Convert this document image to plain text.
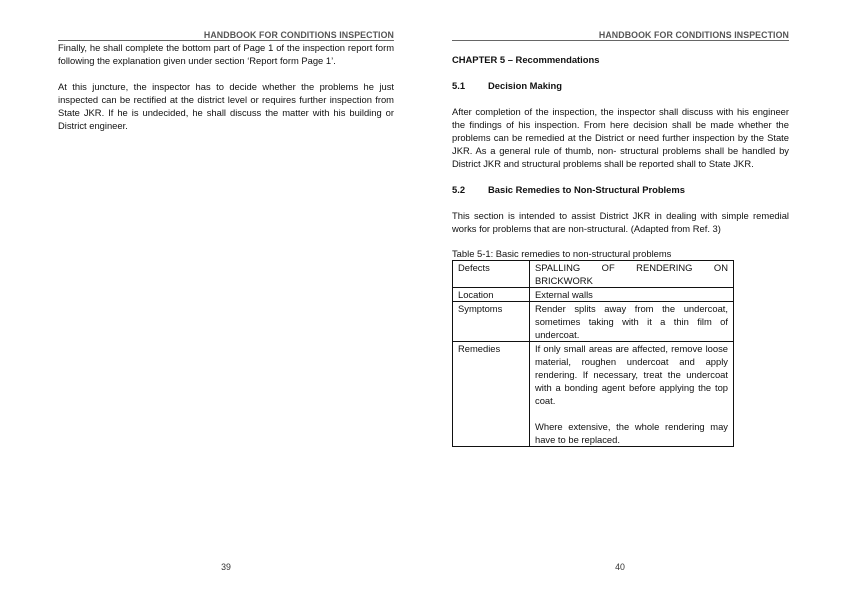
HANDBOOK FOR CONDITIONS INSPECTION

Finally, he shall complete the bottom part of Page 1 of the inspection report form following the explanation given under section ‘Report form Page 1’.

At this juncture, the inspector has to decide whether the problems he just inspected can be rectified at the district level or requires further inspection from State JKR. If he is undecided, he shall discuss the matter with his building or District engineer.

39
HANDBOOK FOR CONDITIONS INSPECTION
CHAPTER 5 – Recommendations
5.1 Decision Making

After completion of the inspection, the inspector shall discuss with his engineer the findings of his inspection. From here decision shall be made whether the problems can be remedied at the District or need further inspection by the State JKR. As a general rule of thumb, non- structural problems shall be handled by District JKR and structural problems shall be reported shall to State JKR.

5.2 Basic Remedies to Non-Structural Problems

This section is intended to assist District JKR in dealing with simple remedial works for problems that are non-structural. (Adapted from Ref. 3)

Table 5-1: Basic remedies to non-structural problems
Defects	SPALLING OF RENDERING ON BRICKWORK
Location	External walls
Symptoms	Render splits away from the undercoat, sometimes taking with it a thin film of undercoat.
Remedies	If only small areas are affected, remove loose material, roughen undercoat and apply rendering. If necessary, treat the undercoat with a bonding agent before applying the top coat.
Where extensive, the whole rendering may have to be replaced.
40
